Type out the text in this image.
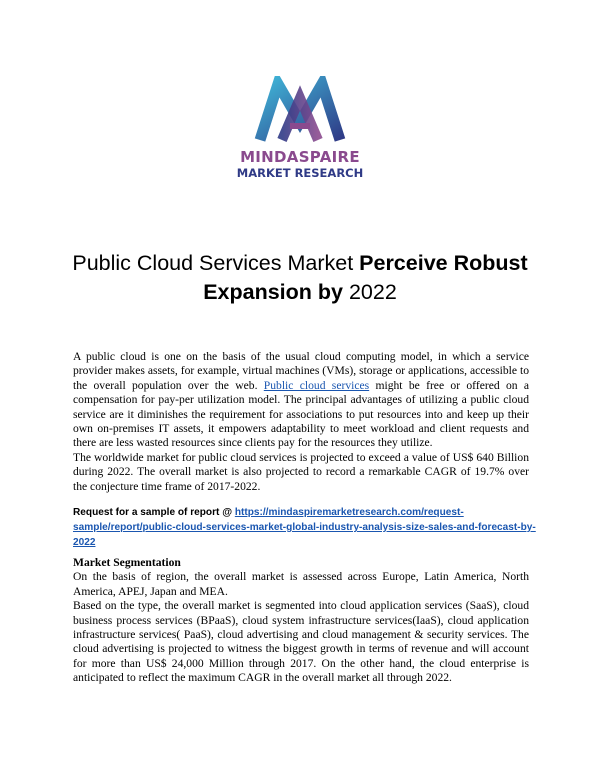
MINDASPAIRE
MARKET RESEARCH
Public Cloud Services Market Perceive Robust Expansion by 2022
A public cloud is one on the basis of the usual cloud computing model, in which a service provider makes assets, for example, virtual machines (VMs), storage or applications, accessible to the overall population over the web. Public cloud services might be free or offered on a compensation for pay-per utilization model. The principal advantages of utilizing a public cloud service are it diminishes the requirement for associations to put resources into and keep up their own on-premises IT assets, it empowers adaptability to meet workload and client requests and there are less wasted resources since clients pay for the resources they utilize.
The worldwide market for public cloud services is projected to exceed a value of US$ 640 Billion during 2022. The overall market is also projected to record a remarkable CAGR of 19.7% over the conjecture time frame of 2017-2022.
Request for a sample of report @ https://mindaspiremarketresearch.com/request-sample/report/public-cloud-services-market-global-industry-analysis-size-sales-and-forecast-by-2022

Market Segmentation

On the basis of region, the overall market is assessed across Europe, Latin America, North America, APEJ, Japan and MEA.

Based on the type, the overall market is segmented into cloud application services (SaaS), cloud business process services (BPaaS), cloud system infrastructure services(IaaS), cloud application infrastructure services( PaaS), cloud advertising and cloud management & security services. The cloud advertising is projected to witness the biggest growth in terms of revenue and will account for more than US$ 24,000 Million through 2017. On the other hand, the cloud enterprise is anticipated to reflect the maximum CAGR in the overall market all through 2022.
